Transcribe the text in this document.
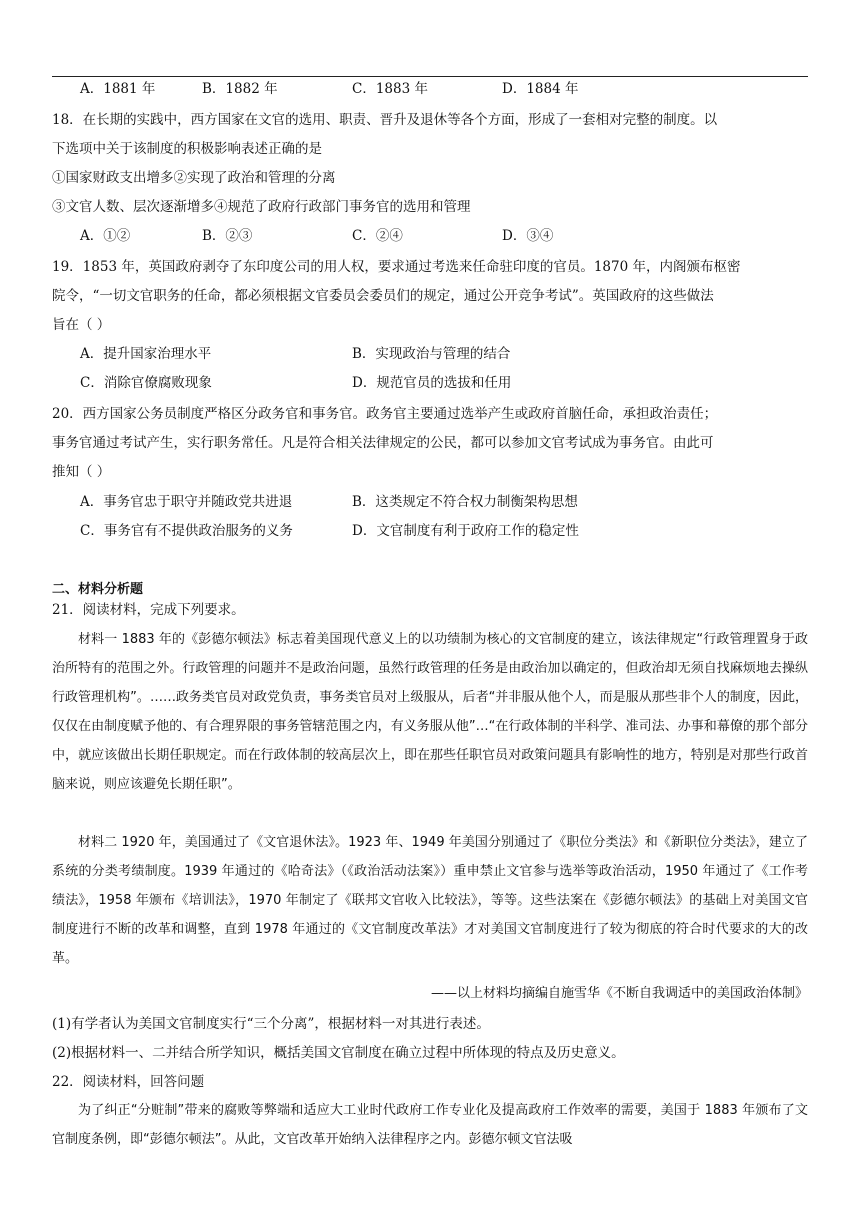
A．1881 年	B．1882 年	C．1883 年	D．1884 年
18．在长期的实践中，西方国家在文官的选用、职责、晋升及退休等各个方面，形成了一套相对完整的制度。以
下选项中关于该制度的积极影响表述正确的是
①国家财政支出增多②实现了政治和管理的分离
③文官人数、层次逐渐增多④规范了政府行政部门事务官的选用和管理
A．①②	B．②③	C．②④	D．③④
19．1853 年，英国政府剥夺了东印度公司的用人权，要求通过考选来任命驻印度的官员。1870 年，内阁颁布枢密
院令，“一切文官职务的任命，都必须根据文官委员会委员们的规定，通过公开竞争考试”。英国政府的这些做法
旨在（ ）
A．提升国家治理水平	B．实现政治与管理的结合
C．消除官僚腐败现象	D．规范官员的选拔和任用
20．西方国家公务员制度严格区分政务官和事务官。政务官主要通过选举产生或政府首脑任命，承担政治责任；
事务官通过考试产生，实行职务常任。凡是符合相关法律规定的公民，都可以参加文官考试成为事务官。由此可
推知（ ）
A．事务官忠于职守并随政党共进退	B．这类规定不符合权力制衡架构思想
C．事务官有不提供政治服务的义务	D．文官制度有利于政府工作的稳定性
二、材料分析题
21．阅读材料，完成下列要求。
材料一 1883 年的《彭德尔顿法》标志着美国现代意义上的以功绩制为核心的文官制度的建立，该法律规定“行政管理置身于政治所特有的范围之外。行政管理的问题并不是政治问题，虽然行政管理的任务是由政治加以确定的，但政治却无须自找麻烦地去操纵行政管理机构”。……政务类官员对政党负责，事务类官员对上级服从，后者“并非服从他个人，而是服从那些非个人的制度，因此，仅仅在由制度赋予他的、有合理界限的事务管辖范围之内，有义务服从他”…“在行政体制的半科学、准司法、办事和幕僚的那个部分中，就应该做出长期任职规定。而在行政体制的较高层次上，即在那些任职官员对政策问题具有影响性的地方，特别是对那些行政首脑来说，则应该避免长期任职”。
材料二 1920 年，美国通过了《文官退休法》。1923 年、1949 年美国分别通过了《职位分类法》和《新职位分类法》，建立了系统的分类考绩制度。1939 年通过的《哈奇法》（《政治活动法案》）重申禁止文官参与选举等政治活动，1950 年通过了《工作考绩法》，1958 年颁布《培训法》，1970 年制定了《联邦文官收入比较法》，等等。这些法案在《彭德尔顿法》的基础上对美国文官制度进行不断的改革和调整，直到 1978 年通过的《文官制度改革法》才对美国文官制度进行了较为彻底的符合时代要求的大的改革。
——以上材料均摘编自施雪华《不断自我调适中的美国政治体制》
(1)有学者认为美国文官制度实行“三个分离”，根据材料一对其进行表述。
(2)根据材料一、二并结合所学知识，概括美国文官制度在确立过程中所体现的特点及历史意义。
22．阅读材料，回答问题
为了纠正“分赃制”带来的腐败等弊端和适应大工业时代政府工作专业化及提高政府工作效率的需要，美国于 1883 年颁布了文官制度条例，即“彭德尔顿法”。从此，文官改革开始纳入法律程序之内。彭德尔顿文官法吸
